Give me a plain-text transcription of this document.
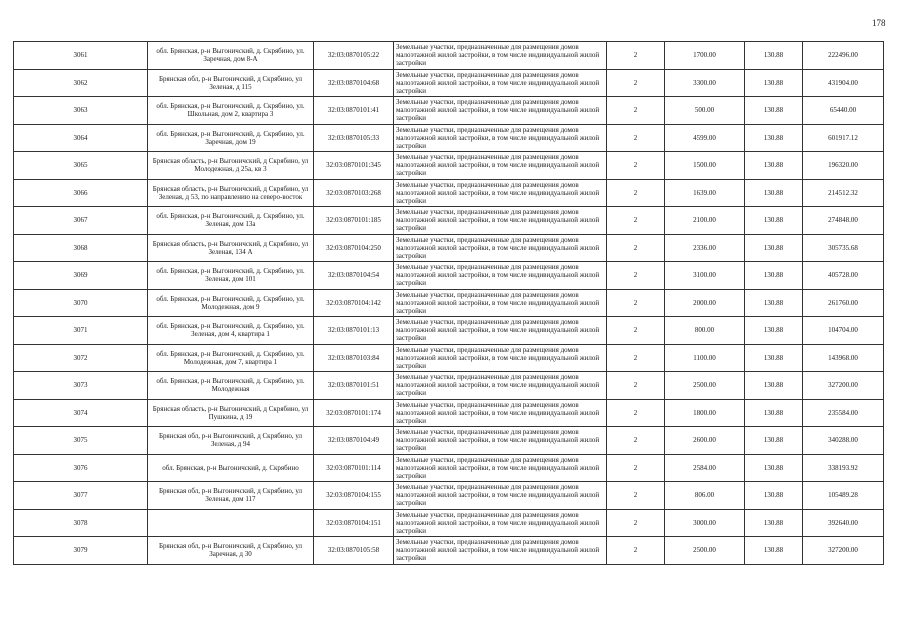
178
3061	обл. Брянская, р-н Выгоничский, д. Скрябино, ул. Заречная, дом 8-А	32:03:0870105:22	Земельные участки, предназначенные для размещения домов малоэтажной жилой застройки, в том числе индивидуальной жилой застройки	2	1700.00	130.88	222496.00
3062	Брянская обл, р-н Выгоничский, д Скрябино, ул Зеленая, д 115	32:03:0870104:68	Земельные участки, предназначенные для размещения домов малоэтажной жилой застройки, в том числе индивидуальной жилой застройки	2	3300.00	130.88	431904.00
3063	обл. Брянская, р-н Выгоничский, д. Скрябино, ул. Школьная, дом 2, квартира 3	32:03:0870101:41	Земельные участки, предназначенные для размещения домов малоэтажной жилой застройки, в том числе индивидуальной жилой застройки	2	500.00	130.88	65440.00
3064	обл. Брянская, р-н Выгоничский, д. Скрябино, ул. Заречная, дом 19	32:03:0870105:33	Земельные участки, предназначенные для размещения домов малоэтажной жилой застройки, в том числе индивидуальной жилой застройки	2	4599.00	130.88	601917.12
3065	Брянская область, р-н Выгоничский, д Скрябино, ул Молодежная, д 25а, кв 3	32:03:0870101:345	Земельные участки, предназначенные для размещения домов малоэтажной жилой застройки, в том числе индивидуальной жилой застройки	2	1500.00	130.88	196320.00
3066	Брянская область, р-н Выгоничский, д Скрябино, ул Зеленая, д 53, по направлению на северо-восток	32:03:0870103:268	Земельные участки, предназначенные для размещения домов малоэтажной жилой застройки, в том числе индивидуальной жилой застройки	2	1639.00	130.88	214512.32
3067	обл. Брянская, р-н Выгоничский, д. Скрябино, ул. Зеленая, дом 13а	32:03:0870101:185	Земельные участки, предназначенные для размещения домов малоэтажной жилой застройки, в том числе индивидуальной жилой застройки	2	2100.00	130.88	274848.00
3068	Брянская область, р-н Выгоничский, д Скрябино, ул Зеленая, 134 А	32:03:0870104:250	Земельные участки, предназначенные для размещения домов малоэтажной жилой застройки, в том числе индивидуальной жилой застройки	2	2336.00	130.88	305735.68
3069	обл. Брянская, р-н Выгоничский, д. Скрябино, ул. Зеленая, дом 101	32:03:0870104:54	Земельные участки, предназначенные для размещения домов малоэтажной жилой застройки, в том числе индивидуальной жилой застройки	2	3100.00	130.88	405728.00
3070	обл. Брянская, р-н Выгоничский, д. Скрябино, ул. Молодежная, дом 9	32:03:0870104:142	Земельные участки, предназначенные для размещения домов малоэтажной жилой застройки, в том числе индивидуальной жилой застройки	2	2000.00	130.88	261760.00
3071	обл. Брянская, р-н Выгоничский, д. Скрябино, ул. Зеленая, дом 4, квартира 1	32:03:0870101:13	Земельные участки, предназначенные для размещения домов малоэтажной жилой застройки, в том числе индивидуальной жилой застройки	2	800.00	130.88	104704.00
3072	обл. Брянская, р-н Выгоничский, д. Скрябино, ул. Молодежная, дом 7, квартира 1	32:03:0870103:84	Земельные участки, предназначенные для размещения домов малоэтажной жилой застройки, в том числе индивидуальной жилой застройки	2	1100.00	130.88	143968.00
3073	обл. Брянская, р-н Выгоничский, д. Скрябино, ул. Молодежная	32:03:0870101:51	Земельные участки, предназначенные для размещения домов малоэтажной жилой застройки, в том числе индивидуальной жилой застройки	2	2500.00	130.88	327200.00
3074	Брянская область, р-н Выгоничский, д Скрябино, ул Пушкина, д 19	32:03:0870101:174	Земельные участки, предназначенные для размещения домов малоэтажной жилой застройки, в том числе индивидуальной жилой застройки	2	1800.00	130.88	235584.00
3075	Брянская обл, р-н Выгоничский, д Скрябино, ул Зеленая, д 94	32:03:0870104:49	Земельные участки, предназначенные для размещения домов малоэтажной жилой застройки, в том числе индивидуальной жилой застройки	2	2600.00	130.88	340288.00
3076	обл. Брянская, р-н Выгоничский, д. Скрябино	32:03:0870101:114	Земельные участки, предназначенные для размещения домов малоэтажной жилой застройки, в том числе индивидуальной жилой застройки	2	2584.00	130.88	338193.92
3077	Брянская обл, р-н Выгоничский, д Скрябино, ул Зеленая, дом 117	32:03:0870104:155	Земельные участки, предназначенные для размещения домов малоэтажной жилой застройки, в том числе индивидуальной жилой застройки	2	806.00	130.88	105489.28
3078		32:03:0870104:151	Земельные участки, предназначенные для размещения домов малоэтажной жилой застройки, в том числе индивидуальной жилой застройки	2	3000.00	130.88	392640.00
3079	Брянская обл, р-н Выгоничский, д Скрябино, ул Заречная, д 30	32:03:0870105:58	Земельные участки, предназначенные для размещения домов малоэтажной жилой застройки, в том числе индивидуальной жилой застройки	2	2500.00	130.88	327200.00
